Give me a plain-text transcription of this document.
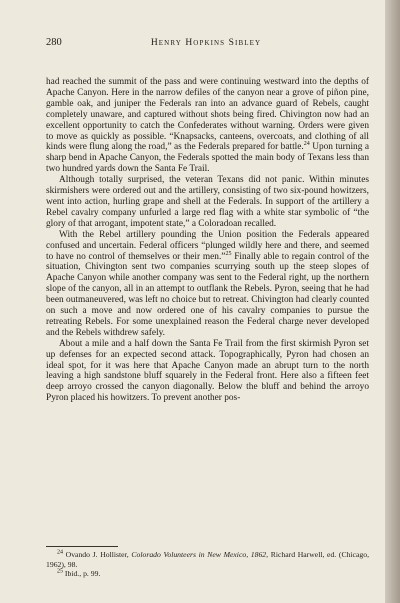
280	Henry Hopkins Sibley

had reached the summit of the pass and were continuing westward into the depths of Apache Canyon. Here in the narrow defiles of the canyon near a grove of piñon pine, gamble oak, and juniper the Federals ran into an advance guard of Rebels, caught completely unaware, and captured without shots being fired. Chivington now had an excellent opportunity to catch the Confederates without warning. Orders were given to move as quickly as possible. “Knapsacks, canteens, overcoats, and clothing of all kinds were flung along the road,” as the Federals prepared for battle.$^{24}$ Upon turning a sharp bend in Apache Canyon, the Federals spotted the main body of Texans less than two hundred yards down the Santa Fe Trail.

Although totally surprised, the veteran Texans did not panic. Within minutes skirmishers were ordered out and the artillery, consisting of two six-pound howitzers, went into action, hurling grape and shell at the Federals. In support of the artillery a Rebel cavalry company unfurled a large red flag with a white star symbolic of “the glory of that arrogant, impotent state,” a Coloradoan recalled.

With the Rebel artillery pounding the Union position the Federals appeared confused and uncertain. Federal officers “plunged wildly here and there, and seemed to have no control of themselves or their men.”$^{25}$ Finally able to regain control of the situation, Chivington sent two companies scurrying south up the steep slopes of Apache Canyon while another company was sent to the Federal right, up the northern slope of the canyon, all in an attempt to outflank the Rebels. Pyron, seeing that he had been outmaneuvered, was left no choice but to retreat. Chivington had clearly counted on such a move and now ordered one of his cavalry companies to pursue the retreating Rebels. For some unexplained reason the Federal charge never developed and the Rebels withdrew safely.

About a mile and a half down the Santa Fe Trail from the first skirmish Pyron set up defenses for an expected second attack. Topographically, Pyron had chosen an ideal spot, for it was here that Apache Canyon made an abrupt turn to the north leaving a high sandstone bluff squarely in the Federal front. Here also a fifteen feet deep arroyo crossed the canyon diagonally. Below the bluff and behind the arroyo Pyron placed his howitzers. To prevent another pos-

$^{24}$ Ovando J. Hollister, Colorado Volunteers in New Mexico, 1862, Richard Harwell, ed. (Chicago, 1962), 98.

$^{25}$ Ibid., p. 99.
